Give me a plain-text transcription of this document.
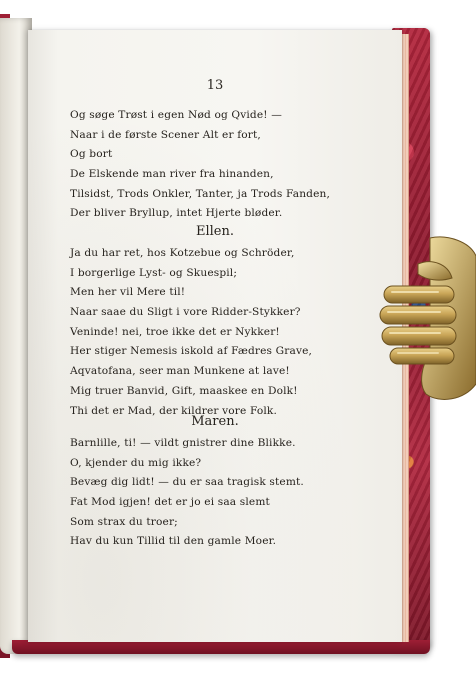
13
Og søge Trøst i egen Nød og Qvide! —
Naar i de første Scener Alt er fort,
Og bort
De Elskende man river fra hinanden,
Tilsidst, Trods Onkler, Tanter, ja Trods Fanden,
Der bliver Bryllup, intet Hjerte bløder.
Ellen.
Ja du har ret, hos Kotzebue og Schröder,
I borgerlige Lyst- og Skuespil;
Men her vil Mere til!
Naar saae du Sligt i vore Ridder-Stykker?
Veninde! nei, troe ikke det er Nykker!
Her stiger Nemesis iskold af Fædres Grave,
Aqvatofana, seer man Munkene at lave!
Mig truer Banvid, Gift, maaskee en Dolk!
Thi det er Mad, der kildrer vore Folk.
Maren.
Barnlille, ti! — vildt gnistrer dine Blikke.
O, kjender du mig ikke?
Bevæg dig lidt! — du er saa tragisk stemt.
Fat Mod igjen! det er jo ei saa slemt
Som strax du troer;
Hav du kun Tillid til den gamle Moer.
